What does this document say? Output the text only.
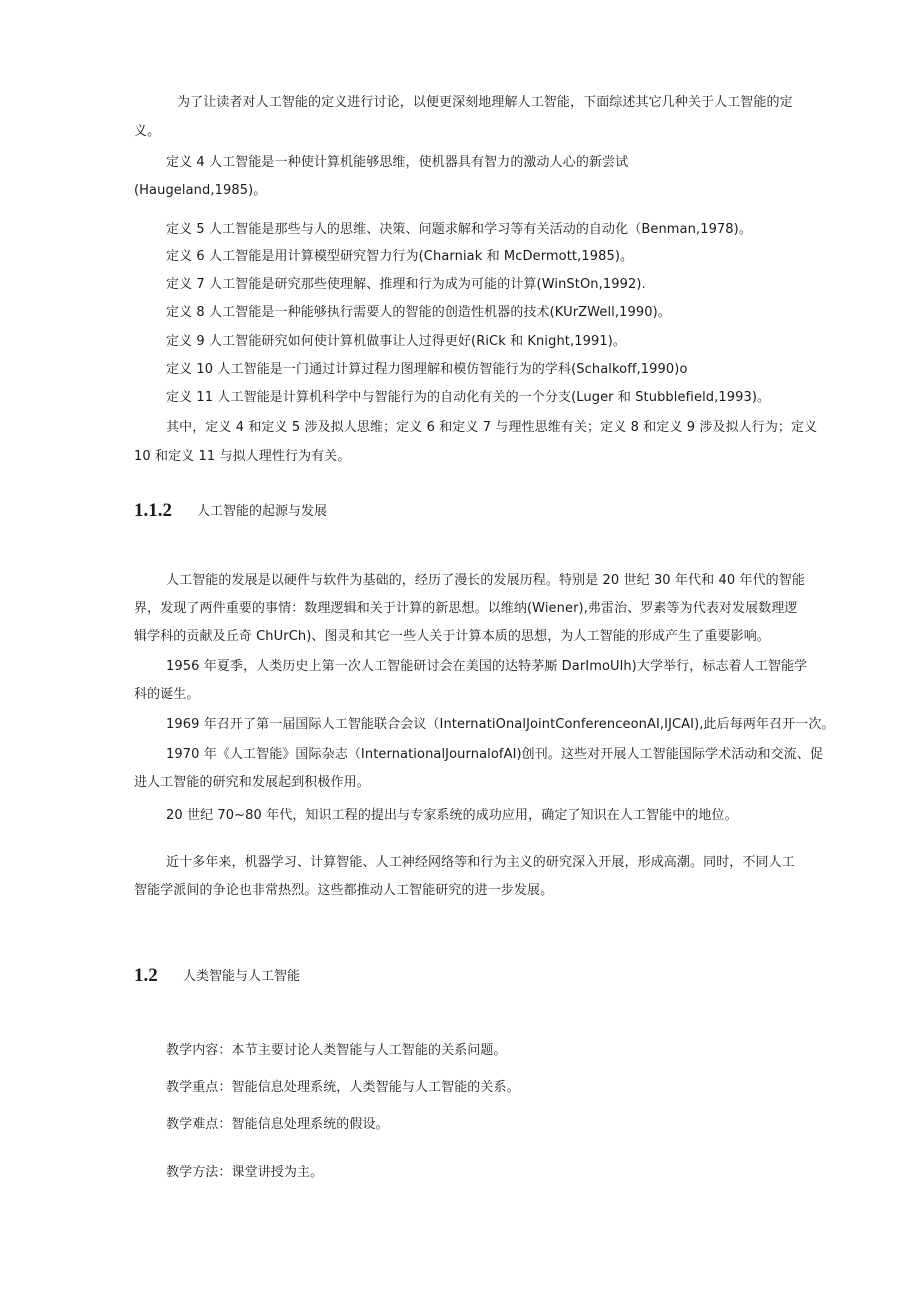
为了让读者对人工智能的定义进行讨论，以便更深刻地理解人工智能，下面综述其它几种关于人工智能的定
义。
定义 4 人工智能是一种使计算机能够思维，使机器具有智力的激动人心的新尝试
(Haugeland,1985)。
定义 5 人工智能是那些与人的思维、决策、问题求解和学习等有关活动的自动化（Benman,1978)。
定义 6 人工智能是用计算模型研究智力行为(Charniak 和 McDermott,1985)。
定义 7 人工智能是研究那些使理解、推理和行为成为可能的计算(WinStOn,1992).
定义 8 人工智能是一种能够执行需要人的智能的创造性机器的技术(KUrZWell,1990)。
定义 9 人工智能研究如何使计算机做事让人过得更好(RiCk 和 Knight,1991)。
定义 10 人工智能是一门通过计算过程力图理解和模仿智能行为的学科(Schalkoff,1990)o
定义 11 人工智能是计算机科学中与智能行为的自动化有关的一个分支(Luger 和 Stubblefield,1993)。
其中，定义 4 和定义 5 涉及拟人思维；定义 6 和定义 7 与理性思维有关；定义 8 和定义 9 涉及拟人行为；定义
10 和定义 11 与拟人理性行为有关。
1.1.2 人工智能的起源与发展
人工智能的发展是以硬件与软件为基础的，经历了漫长的发展历程。特别是 20 世纪 30 年代和 40 年代的智能
界，发现了两件重要的事情：数理逻辑和关于计算的新思想。以维纳(Wiener),弗雷治、罗素等为代表对发展数理逻
辑学科的贡献及丘奇 ChUrCh)、图灵和其它一些人关于计算本质的思想，为人工智能的形成产生了重要影响。
1956 年夏季，人类历史上第一次人工智能研讨会在美国的达特茅厮 DarImoUlh)大学举行，标志着人工智能学
科的诞生。
1969 年召开了第一届国际人工智能联合会议（InternatiOnalJointConferenceonAI,IJCAI),此后每两年召开一次。
1970 年《人工智能》国际杂志（InternationalJournalofAI)创刊。这些对开展人工智能国际学术活动和交流、促
进人工智能的研究和发展起到积极作用。
20 世纪 70~80 年代，知识工程的提出与专家系统的成功应用，确定了知识在人工智能中的地位。
近十多年来，机器学习、计算智能、人工神经网络等和行为主义的研究深入开展，形成高潮。同时，不同人工
智能学派间的争论也非常热烈。这些都推动人工智能研究的进一步发展。
1.2 人类智能与人工智能
教学内容：本节主要讨论人类智能与人工智能的关系问题。
教学重点：智能信息处理系统，人类智能与人工智能的关系。
教学难点：智能信息处理系统的假设。
教学方法：课堂讲授为主。
